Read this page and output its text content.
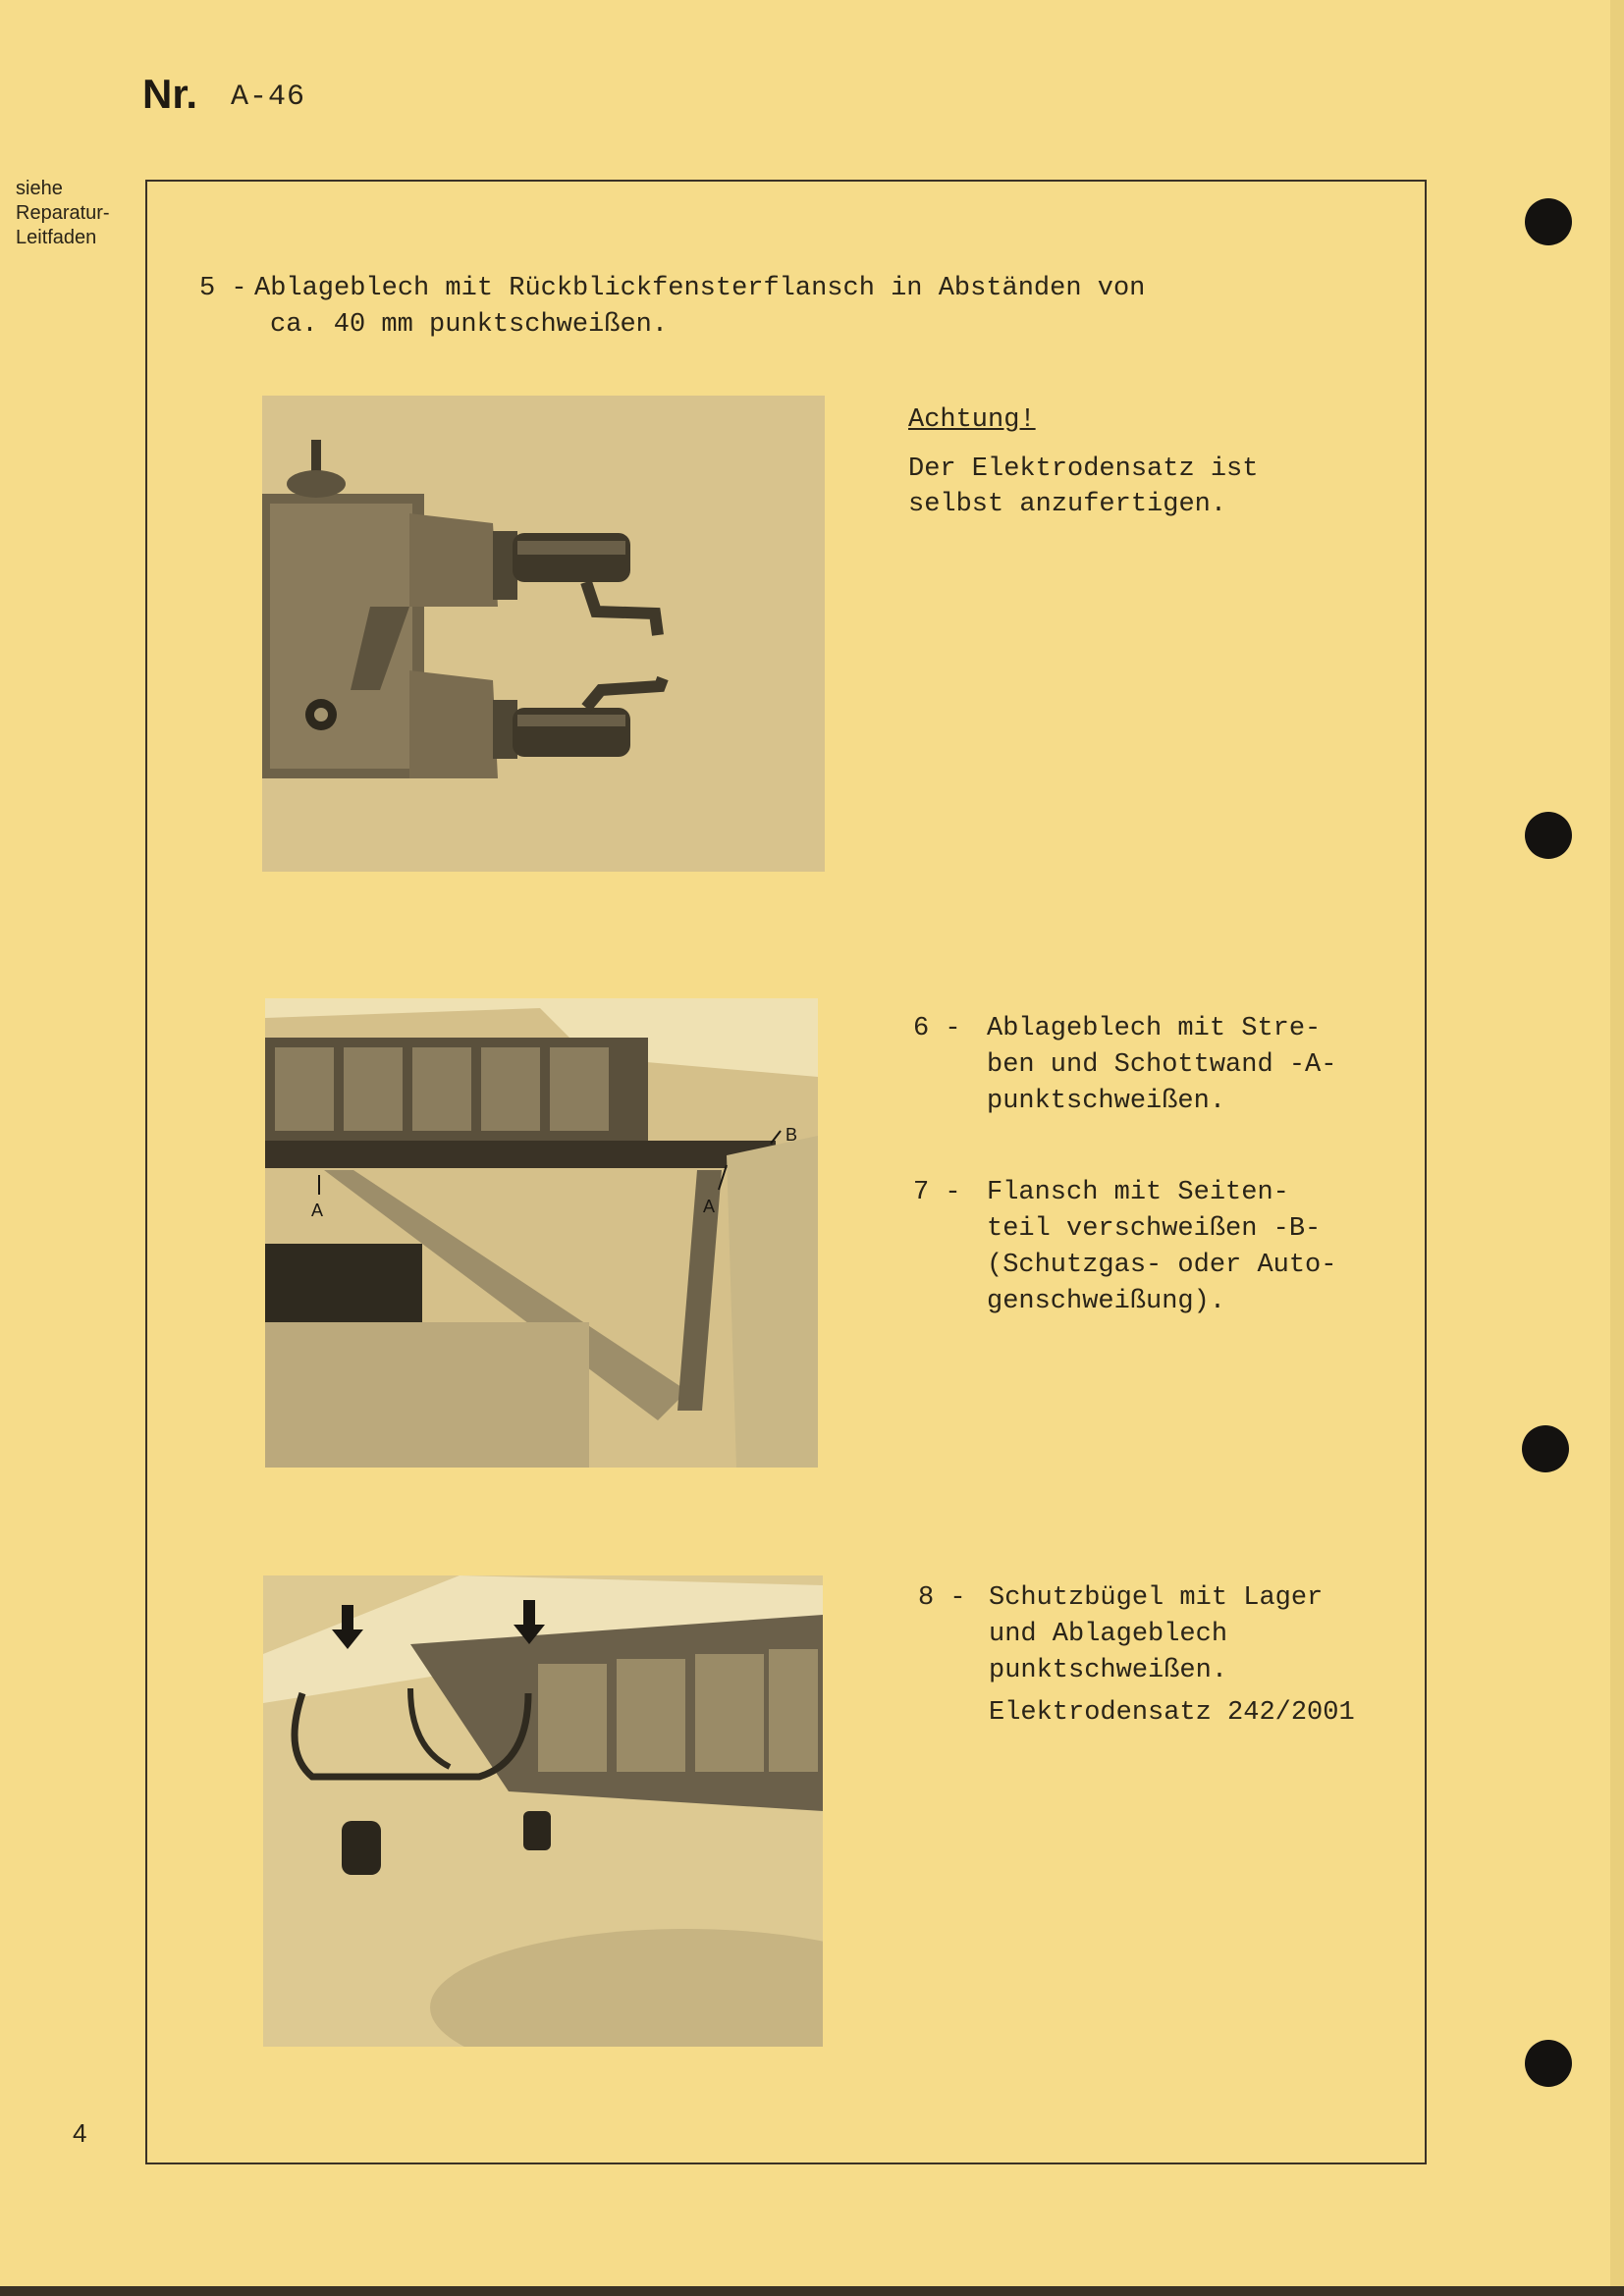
Nr. A-46
siehe
Reparatur-
Leitfaden

5 -

Ablageblech mit Rückblickfensterflansch in Abständen von

ca. 40 mm punktschweißen.

Achtung!
Der Elektrodensatz ist
selbst anzufertigen.

6 -

Ablageblech mit Stre-

ben und Schottwand -A-

punktschweißen.

7 -

Flansch mit Seiten-

teil verschweißen -B-

(Schutzgas- oder Auto-

genschweißung).

8 -

Schutzbügel mit Lager

und Ablageblech

punktschweißen.

Elektrodensatz 242/2001

A	A
B
4
